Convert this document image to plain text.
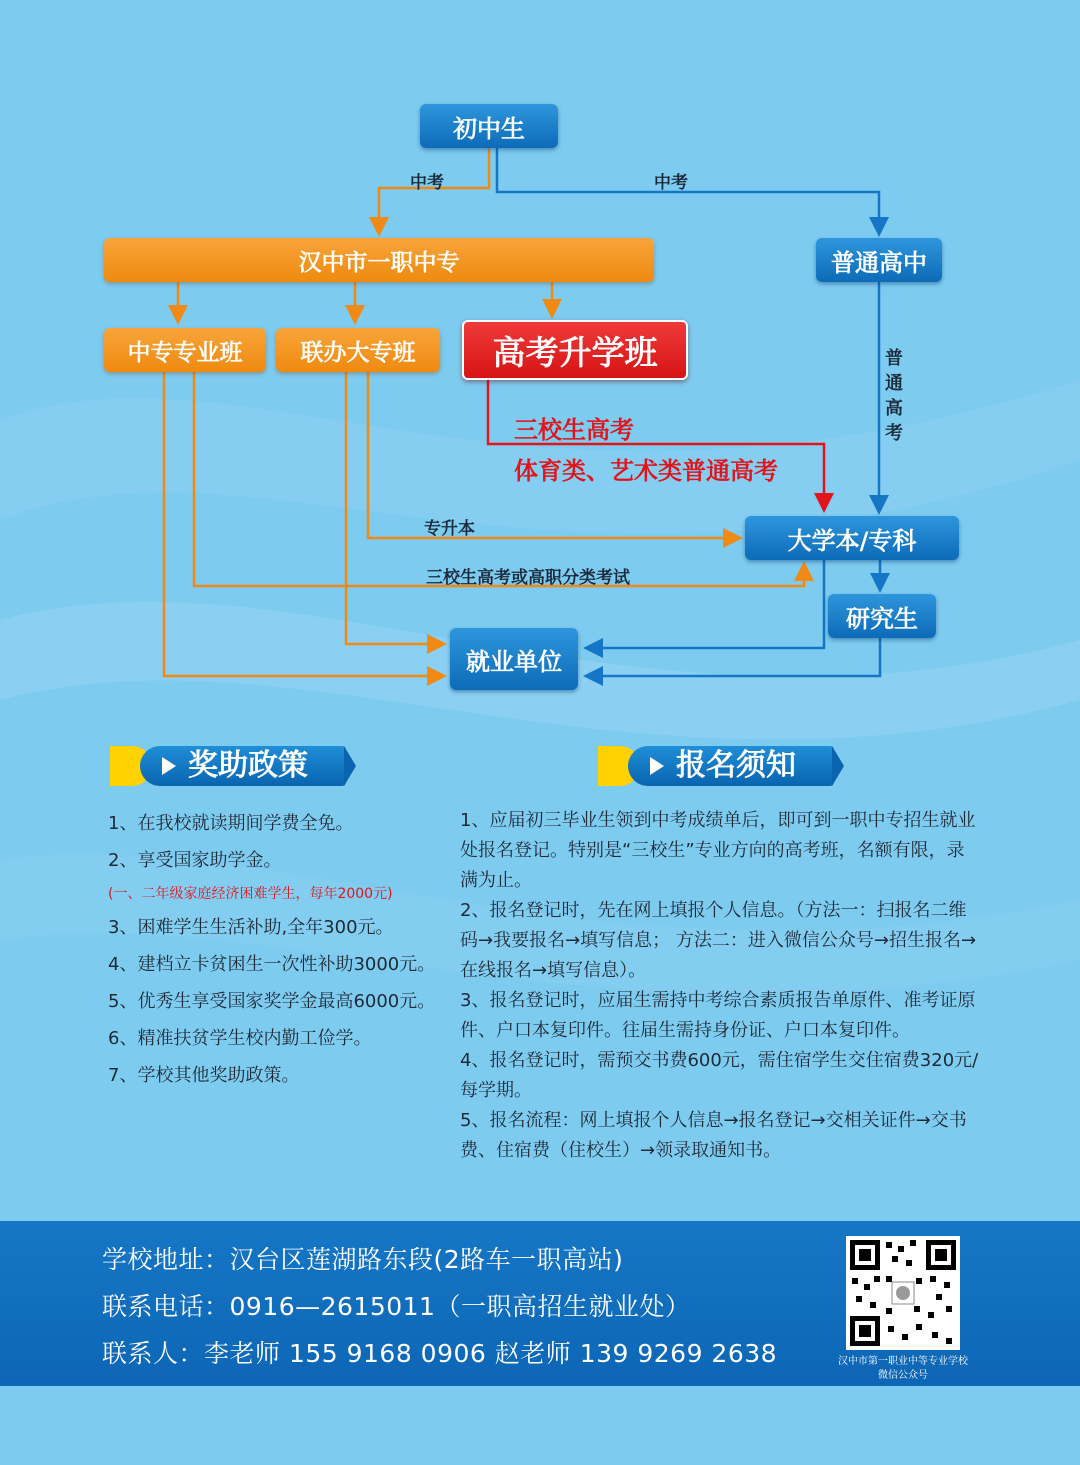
初中生
汉中市一职中专	普通高中
中专专业班	联办大专班	高考升学班
大学本/专科
研究生
就业单位
中考	中考
普通高考
三校生高考
体育类、艺术类普通高考
专升本
三校生高考或高职分类考试
奖助政策	报名须知
1、在我校就读期间学费全免。
2、享受国家助学金。
(一、二年级家庭经济困难学生，每年2000元)
3、困难学生生活补助,全年300元。
4、建档立卡贫困生一次性补助3000元。
5、优秀生享受国家奖学金最高6000元。
6、精准扶贫学生校内勤工俭学。
7、学校其他奖助政策。

1、应届初三毕业生领到中考成绩单后，即可到一职中专招生就业处报名登记。特别是“三校生”专业方向的高考班，名额有限，录满为止。

2、报名登记时，先在网上填报个人信息。（方法一：扫报名二维码→我要报名→填写信息； 方法二：进入微信公众号→招生报名→在线报名→填写信息）。

3、报名登记时，应届生需持中考综合素质报告单原件、准考证原件、户口本复印件。往届生需持身份证、户口本复印件。

4、报名登记时，需预交书费600元，需住宿学生交住宿费320元/每学期。

5、报名流程：网上填报个人信息→报名登记→交相关证件→交书费、住宿费（住校生）→领录取通知书。

学校地址：汉台区莲湖路东段(2路车一职高站)
联系电话：0916—2615011（一职高招生就业处）
联系人：李老师 155 9168 0906 赵老师 139 9269 2638	汉中市第一职业中等专业学校
微信公众号
